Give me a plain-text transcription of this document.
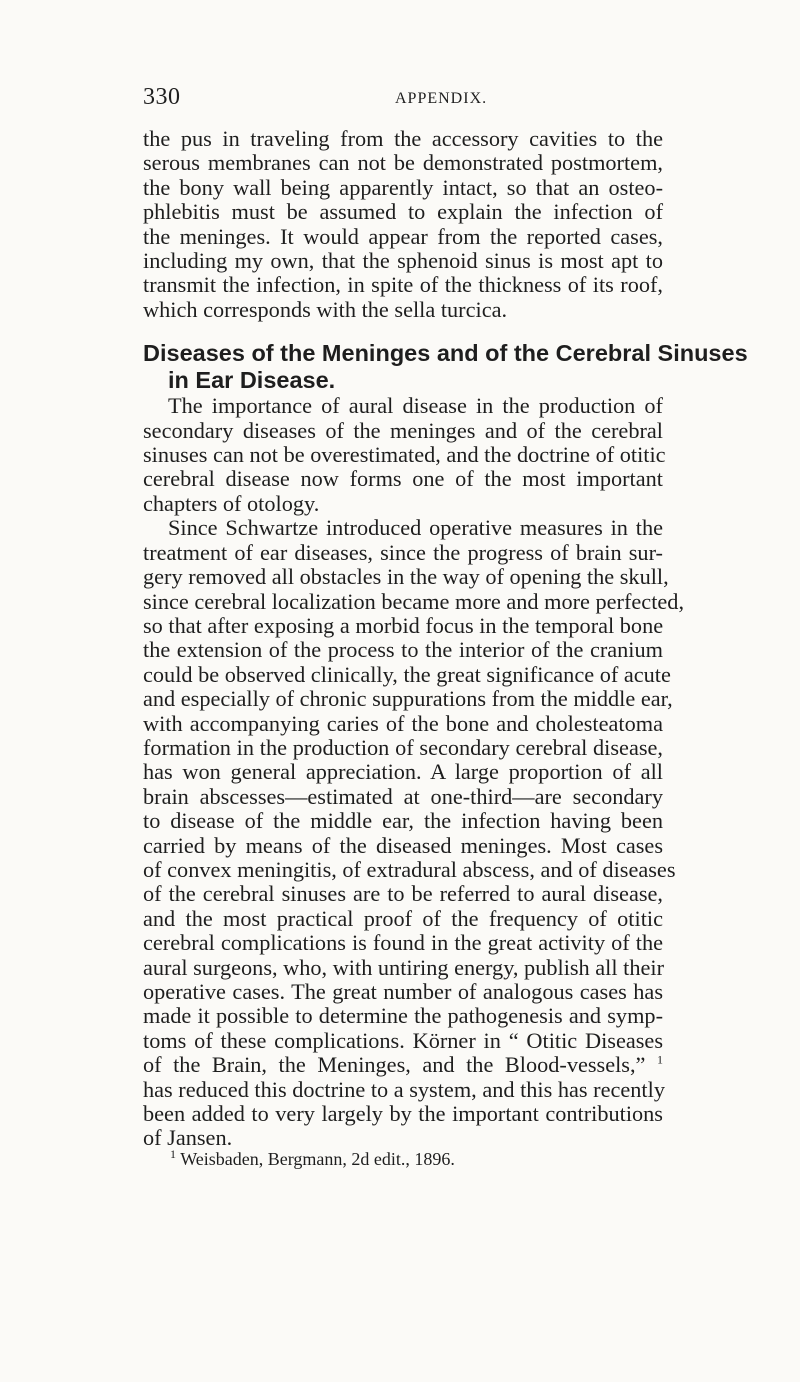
330	APPENDIX.
the pus in traveling from the accessory cavities to the
serous membranes can not be demonstrated postmortem,
the bony wall being apparently intact, so that an osteo-
phlebitis must be assumed to explain the infection of
the meninges. It would appear from the reported cases,
including my own, that the sphenoid sinus is most apt to
transmit the infection, in spite of the thickness of its roof,
which corresponds with the sella turcica.
Diseases of the Meninges and of the Cerebral Sinuses
in Ear Disease.
The importance of aural disease in the production of
secondary diseases of the meninges and of the cerebral
sinuses can not be overestimated, and the doctrine of otitic
cerebral disease now forms one of the most important
chapters of otology.
Since Schwartze introduced operative measures in the
treatment of ear diseases, since the progress of brain sur-
gery removed all obstacles in the way of opening the skull,
since cerebral localization became more and more perfected,
so that after exposing a morbid focus in the temporal bone
the extension of the process to the interior of the cranium
could be observed clinically, the great significance of acute
and especially of chronic suppurations from the middle ear,
with accompanying caries of the bone and cholesteatoma
formation in the production of secondary cerebral disease,
has won general appreciation. A large proportion of all
brain abscesses—estimated at one-third—are secondary
to disease of the middle ear, the infection having been
carried by means of the diseased meninges. Most cases
of convex meningitis, of extradural abscess, and of diseases
of the cerebral sinuses are to be referred to aural disease,
and the most practical proof of the frequency of otitic
cerebral complications is found in the great activity of the
aural surgeons, who, with untiring energy, publish all their
operative cases. The great number of analogous cases has
made it possible to determine the pathogenesis and symp-
toms of these complications. Körner in “ Otitic Diseases
of the Brain, the Meninges, and the Blood-vessels,” $^1$
has reduced this doctrine to a system, and this has recently
been added to very largely by the important contributions
of Jansen.
$^1$ Weisbaden, Bergmann, 2d edit., 1896.
